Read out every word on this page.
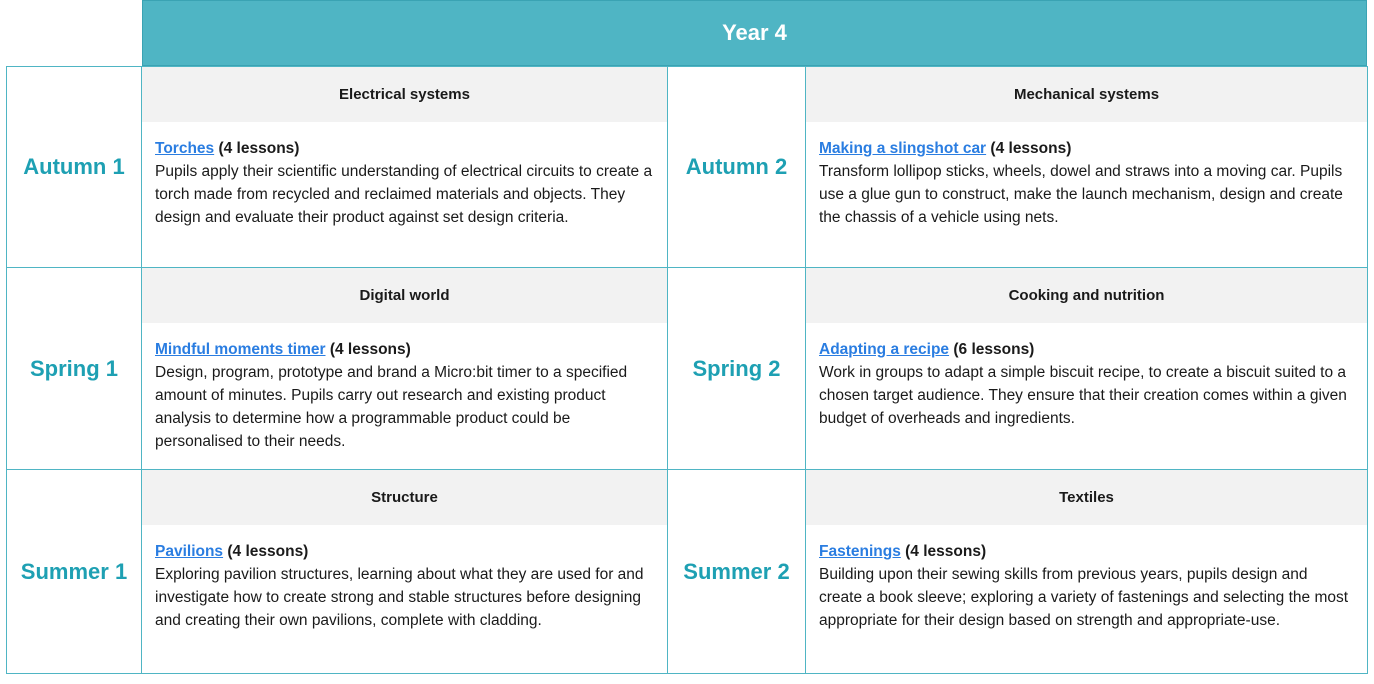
Year 4
Autumn 1
Electrical systems
Torches (4 lessons)
Pupils apply their scientific understanding of electrical circuits to create a torch made from recycled and reclaimed materials and objects. They design and evaluate their product against set design criteria.
Autumn 2
Mechanical systems
Making a slingshot car (4 lessons)
Transform lollipop sticks, wheels, dowel and straws into a moving car. Pupils use a glue gun to construct, make the launch mechanism, design and create the chassis of a vehicle using nets.
Spring 1
Digital world
Mindful moments timer (4 lessons)
Design, program, prototype and brand a Micro:bit timer to a specified amount of minutes. Pupils carry out research and existing product analysis to determine how a programmable product could be personalised to their needs.
Spring 2
Cooking and nutrition
Adapting a recipe (6 lessons)
Work in groups to adapt a simple biscuit recipe, to create a biscuit suited to a chosen target audience. They ensure that their creation comes within a given budget of overheads and ingredients.
Summer 1
Structure
Pavilions (4 lessons)
Exploring pavilion structures, learning about what they are used for and investigate how to create strong and stable structures before designing and creating their own pavilions, complete with cladding.
Summer 2
Textiles
Fastenings (4 lessons)
Building upon their sewing skills from previous years, pupils design and create a book sleeve; exploring a variety of fastenings and selecting the most appropriate for their design based on strength and appropriate-use.
